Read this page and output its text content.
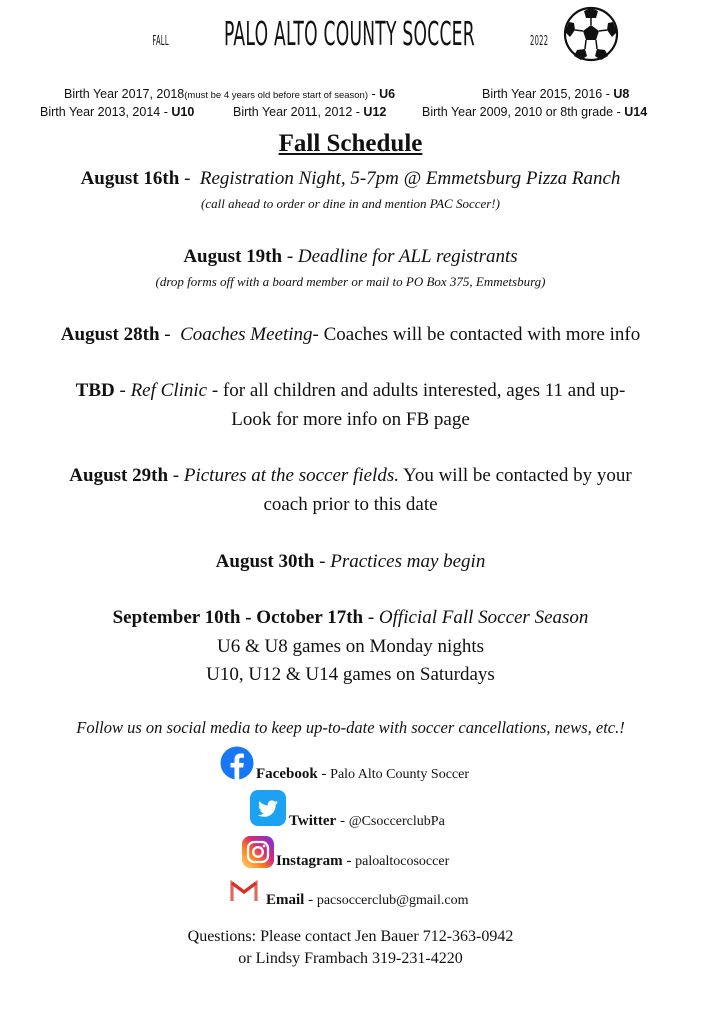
FALL PALO ALTO COUNTY SOCCER	2022
Birth Year 2017, 2018(must be 4 years old before start of season) - U6	Birth Year 2015, 2016 - U8
Birth Year 2013, 2014 - U10	Birth Year 2011, 2012 - U12	Birth Year 2009, 2010 or 8th grade - U14
Fall Schedule
August 16th -  Registration Night, 5-7pm @ Emmetsburg Pizza Ranch
(call ahead to order or dine in and mention PAC Soccer!)
August 19th - Deadline for ALL registrants
(drop forms off with a board member or mail to PO Box 375, Emmetsburg)
August 28th -  Coaches Meeting- Coaches will be contacted with more info
TBD - Ref Clinic - for all children and adults interested, ages 11 and up-
Look for more info on FB page
August 29th - Pictures at the soccer fields. You will be contacted by your
coach prior to this date
August 30th - Practices may begin
September 10th - October 17th - Official Fall Soccer Season
U6 & U8 games on Monday nights
U10, U12 & U14 games on Saturdays
Follow us on social media to keep up-to-date with soccer cancellations, news, etc.!
Facebook - Palo Alto County Soccer
Twitter - @CsoccerclubPa
Instagram - paloaltocosoccer
Email - pacsoccerclub@gmail.com
Questions: Please contact Jen Bauer 712-363-0942
or Lindsy Frambach 319-231-4220
